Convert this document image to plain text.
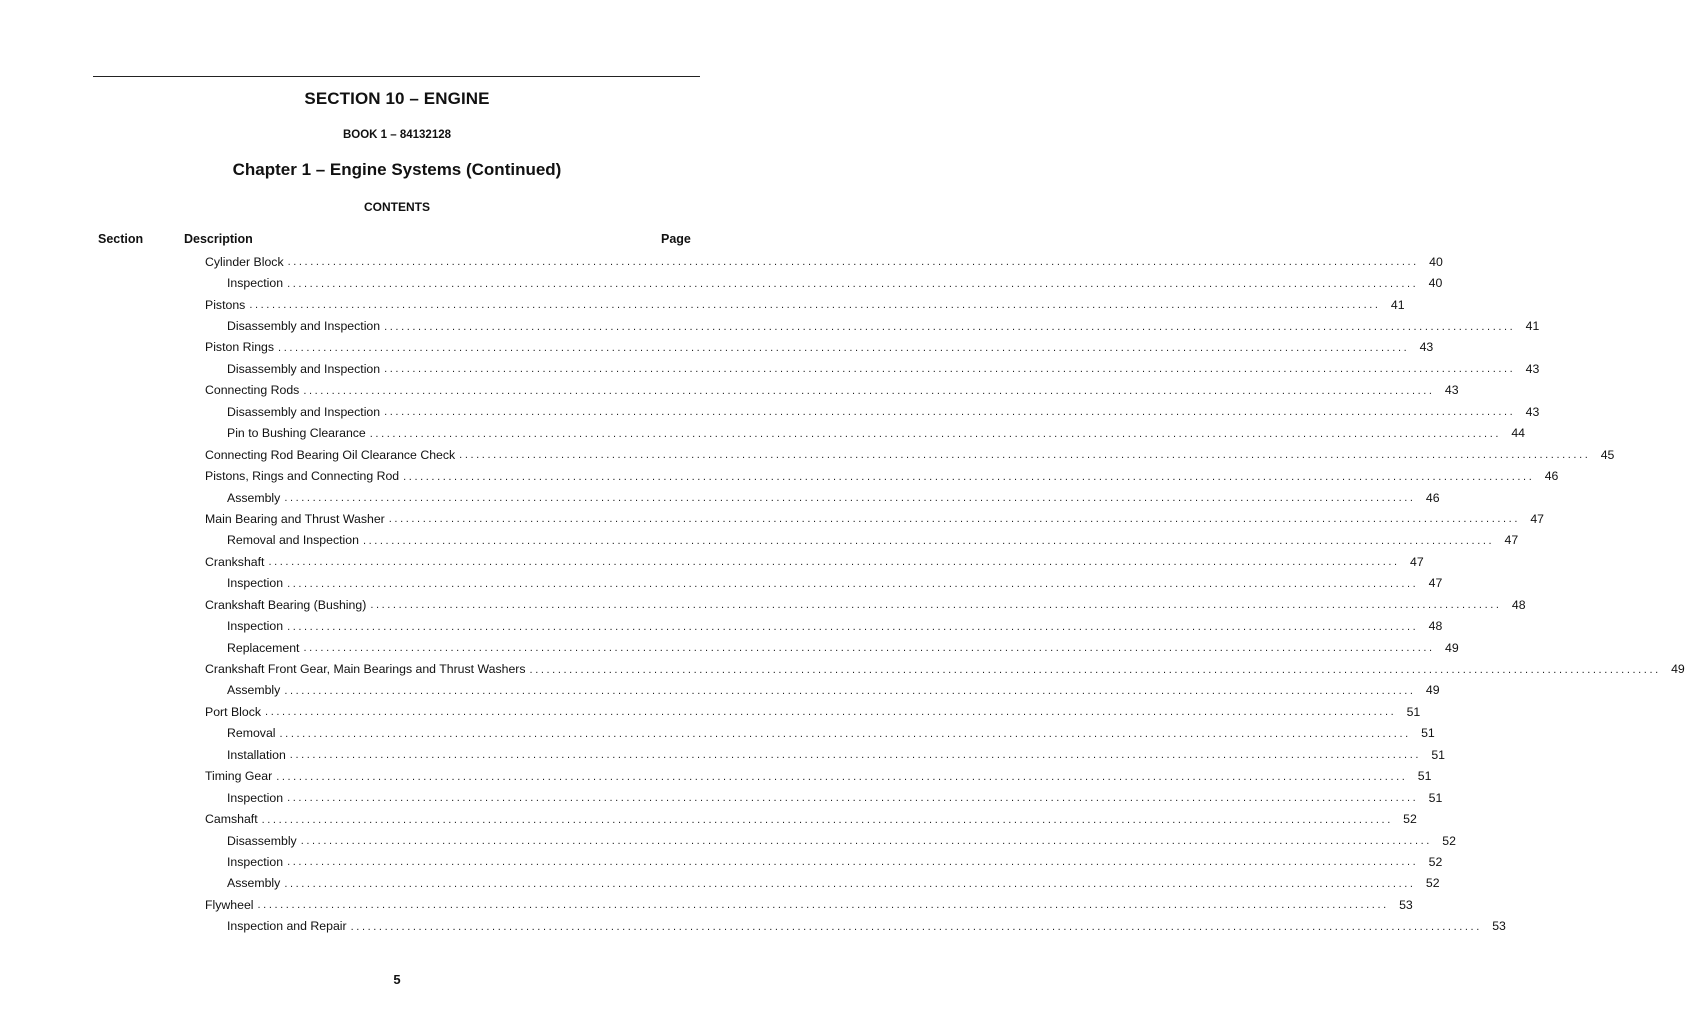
SECTION 10 – ENGINE
BOOK 1 – 84132128
Chapter 1 – Engine Systems (Continued)
CONTENTS
Section	Description	Page
Cylinder Block ........................................................................................................................................................................................................ 40
Inspection ........................................................................................................................................................................................................ 40
Pistons ........................................................................................................................................................................................................ 41
Disassembly and Inspection ........................................................................................................................................................................................................ 41
Piston Rings ........................................................................................................................................................................................................ 43
Disassembly and Inspection ........................................................................................................................................................................................................ 43
Connecting Rods ........................................................................................................................................................................................................ 43
Disassembly and Inspection ........................................................................................................................................................................................................ 43
Pin to Bushing Clearance ........................................................................................................................................................................................................ 44
Connecting Rod Bearing Oil Clearance Check ........................................................................................................................................................................................................ 45
Pistons, Rings and Connecting Rod ........................................................................................................................................................................................................ 46
Assembly ........................................................................................................................................................................................................ 46
Main Bearing and Thrust Washer ........................................................................................................................................................................................................ 47
Removal and Inspection ........................................................................................................................................................................................................ 47
Crankshaft ........................................................................................................................................................................................................ 47
Inspection ........................................................................................................................................................................................................ 47
Crankshaft Bearing (Bushing) ........................................................................................................................................................................................................ 48
Inspection ........................................................................................................................................................................................................ 48
Replacement ........................................................................................................................................................................................................ 49
Crankshaft Front Gear, Main Bearings and Thrust Washers ........................................................................................................................................................................................................ 49
Assembly ........................................................................................................................................................................................................ 49
Port Block ........................................................................................................................................................................................................ 51
Removal ........................................................................................................................................................................................................ 51
Installation ........................................................................................................................................................................................................ 51
Timing Gear ........................................................................................................................................................................................................ 51
Inspection ........................................................................................................................................................................................................ 51
Camshaft ........................................................................................................................................................................................................ 52
Disassembly ........................................................................................................................................................................................................ 52
Inspection ........................................................................................................................................................................................................ 52
Assembly ........................................................................................................................................................................................................ 52
Flywheel ........................................................................................................................................................................................................ 53
Inspection and Repair ........................................................................................................................................................................................................ 53
5
